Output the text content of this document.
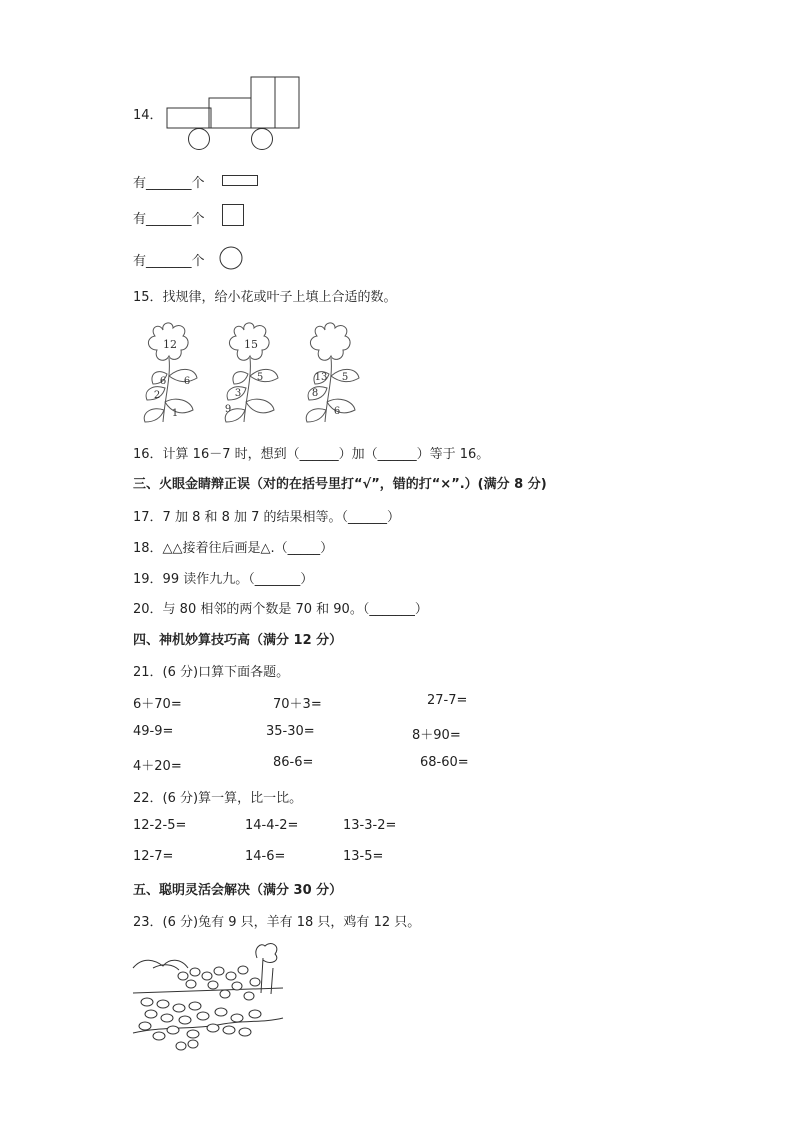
14．
有_______个
有_______个
有_______个
15．找规律，给小花或叶子上填上合适的数。
12
6 6
2
1
15
5
3
9
13 5
8
6
16．计算 16－7 时，想到（______）加（______）等于 16。
三、火眼金睛辩正误（对的在括号里打“√”，错的打“×”.）(满分 8 分)
17．7 加 8 和 8 加 7 的结果相等。（______）
18．△△接着往后画是△.（_____）
19．99 读作九九。（_______）
20．与 80 相邻的两个数是 70 和 90。（_______）
四、神机妙算技巧高（满分 12 分）
21．(6 分)口算下面各题。
6＋70=	70＋3=	27-7=
49-9=	35-30=	8＋90=
4＋20=	86-6=	68-60=
22．(6 分)算一算，比一比。
12-2-5=	14-4-2=	13-3-2=
12-7=	14-6=	13-5=
五、聪明灵活会解决（满分 30 分）
23．(6 分)兔有 9 只，羊有 18 只，鸡有 12 只。
